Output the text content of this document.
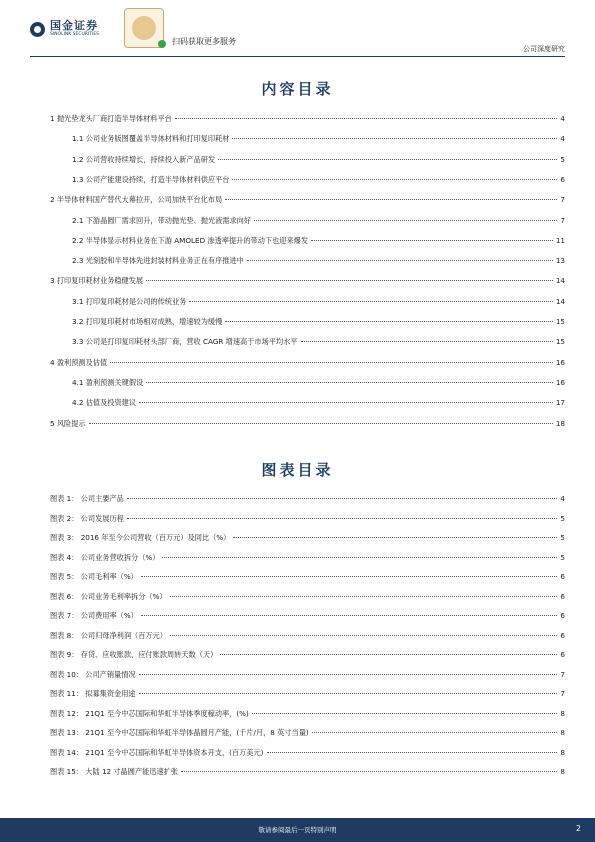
国金证券
SINOLINK SECURITIES
扫码获取更多服务
公司深度研究
内容目录
1 抛光垫龙头厂商打造半导体材料平台	4
1.1 公司业务版图覆盖半导体材料和打印复印耗材	4
1.2 公司营收持续增长，持续投入新产品研发	5
1.3 公司产能建设持续，打造半导体材料供应平台	6
2 半导体材料国产替代大幕拉开，公司加快平台化布局	7
2.1 下游晶圆厂需求回升，带动抛光垫、抛光液需求向好	7
2.2 半导体显示材料业务在下游 AMOLED 渗透率提升的带动下也迎来爆发	11
2.3 光刻胶和半导体先进封装材料业务正在有序推进中	13
3 打印复印耗材业务稳健发展	14
3.1 打印复印耗材是公司的传统业务	14
3.2 打印复印耗材市场相对成熟，增速较为缓慢	15
3.3 公司是打印复印耗材头部厂商，营收 CAGR 增速高于市场平均水平	15
4 盈利预测及估值	16
4.1 盈利预测关键假设	16
4.2 估值及投资建议	17
5 风险提示	18
图表目录
图表 1： 公司主要产品	4
图表 2： 公司发展历程	5
图表 3： 2016 年至今公司营收（百万元）及同比（%）	5
图表 4： 公司业务营收拆分（%）	5
图表 5： 公司毛利率（%）	6
图表 6： 公司业务毛利率拆分（%）	6
图表 7： 公司费用率（%）	6
图表 8： 公司归母净利润（百万元）	6
图表 9： 存货、应收账款、应付账款周转天数（天）	6
图表 10： 公司产销量情况	7
图表 11： 拟募集资金用途	7
图表 12： 21Q1 至今中芯国际和华虹半导体季度稼动率，(%)	8
图表 13： 21Q1 至今中芯国际和华虹半导体晶圆月产能，(千片/月，8 英寸当量)	8
图表 14： 21Q1 至今中芯国际和华虹半导体资本开支，(百万美元)	8
图表 15： 大陆 12 寸晶圆产能迅速扩张	8
敬请参阅最后一页特别声明	2
